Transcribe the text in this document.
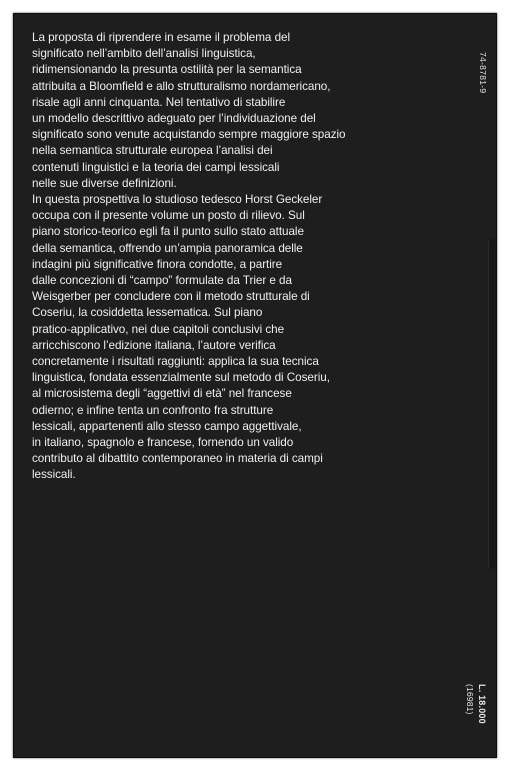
La proposta di riprendere in esame il problema del
significato nell’ambito dell’analisi linguistica,
ridimensionando la presunta ostilità per la semantica
attribuita a Bloomfield e allo strutturalismo nordamericano,
risale agli anni cinquanta. Nel tentativo di stabilire
un modello descrittivo adeguato per l’individuazione del
significato sono venute acquistando sempre maggiore spazio
nella semantica strutturale europea l’analisi dei
contenuti linguistici e la teoria dei campi lessicali
nelle sue diverse definizioni.
In questa prospettiva lo studioso tedesco Horst Geckeler
occupa con il presente volume un posto di rilievo. Sul
piano storico-teorico egli fa il punto sullo stato attuale
della semantica, offrendo un’ampia panoramica delle
indagini più significative finora condotte, a partire
dalle concezioni di “campo” formulate da Trier e da
Weisgerber per concludere con il metodo strutturale di
Coseriu, la cosiddetta lessematica. Sul piano
pratico-applicativo, nei due capitoli conclusivi che
arricchiscono l’edizione italiana, l’autore verifica
concretamente i risultati raggiunti: applica la sua tecnica
linguistica, fondata essenzialmente sul metodo di Coseriu,
al microsistema degli “aggettivi di età” nel francese
odierno; e infine tenta un confronto fra strutture
lessicali, appartenenti allo stesso campo aggettivale,
in italiano, spagnolo e francese, fornendo un valido
contributo al dibattito contemporaneo in materia di campi
lessicali.

74-8781-9
L. 18.000
(16981)
